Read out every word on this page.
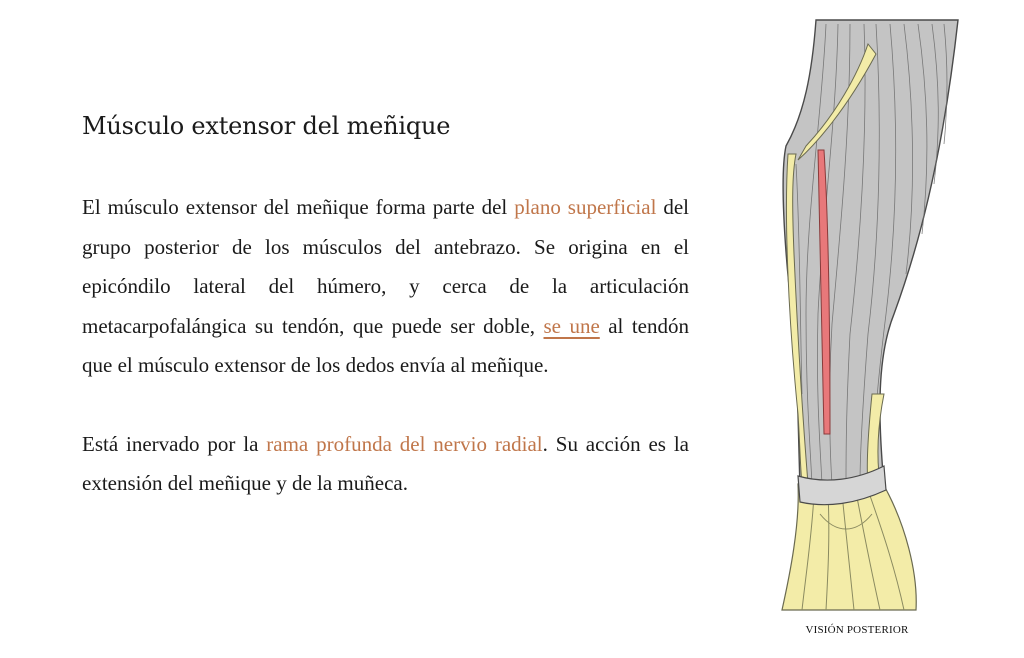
Músculo extensor del meñique

El músculo extensor del meñique forma parte del plano superficial del grupo posterior de los músculos del antebrazo. Se origina en el epicóndilo lateral del húmero, y cerca de la articulación metacarpofalángica su tendón, que puede ser doble, se une al tendón que el músculo extensor de los dedos envía al meñique.

Está inervado por la rama profunda del nervio radial. Su acción es la extensión del meñique y de la muñeca.

VISIÓN POSTERIOR
